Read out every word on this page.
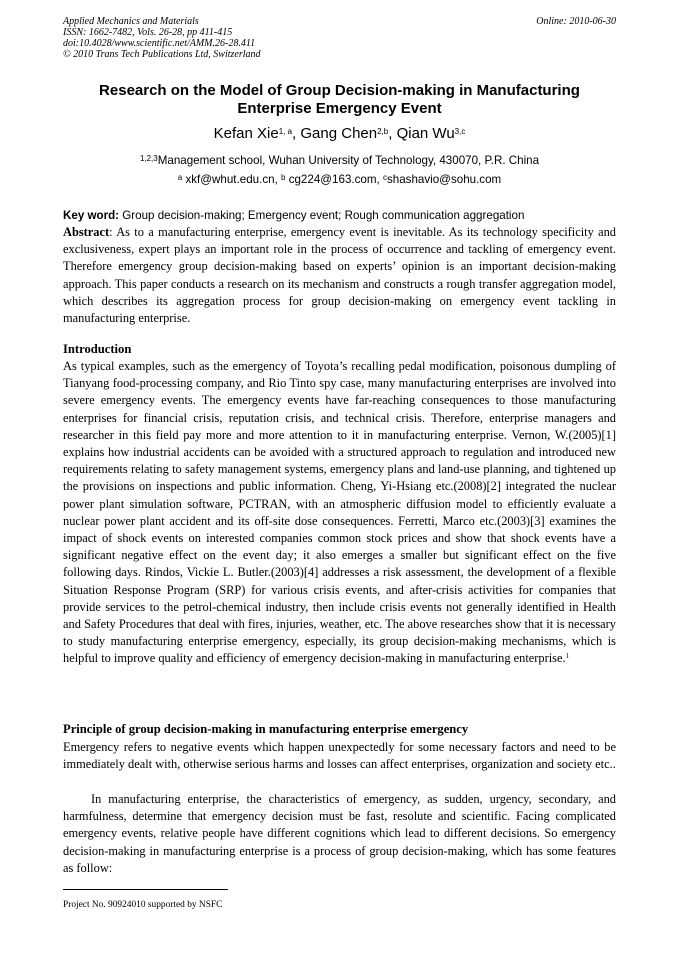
Applied Mechanics and Materials
ISSN: 1662-7482, Vols. 26-28, pp 411-415
doi:10.4028/www.scientific.net/AMM.26-28.411
© 2010 Trans Tech Publications Ltd, Switzerland
Online: 2010-06-30
Research on the Model of Group Decision-making in Manufacturing
Enterprise Emergency Event
Kefan Xie$^{1, a}$, Gang Chen$^{2,b}$, Qian Wu$^{3,c}$
$^{1,2,3}$Management school, Wuhan University of Technology, 430070, P.R. China
$^a$ xkf@whut.edu.cn, $^b$ cg224@163.com, $^c$shashavio@sohu.com
Key word: Group decision-making; Emergency event; Rough communication aggregation
Abstract: As to a manufacturing enterprise, emergency event is inevitable. As its technology specificity and exclusiveness, expert plays an important role in the process of occurrence and tackling of emergency event. Therefore emergency group decision-making based on experts’ opinion is an important decision-making approach. This paper conducts a research on its mechanism and constructs a rough transfer aggregation model, which describes its aggregation process for group decision-making on emergency event tackling in manufacturing enterprise.
Introduction
As typical examples, such as the emergency of Toyota’s recalling pedal modification, poisonous dumpling of Tianyang food-processing company, and Rio Tinto spy case, many manufacturing enterprises are involved into severe emergency events. The emergency events have far-reaching consequences to those manufacturing enterprises for financial crisis, reputation crisis, and technical crisis. Therefore, enterprise managers and researcher in this field pay more and more attention to it in manufacturing enterprise. Vernon, W.(2005)[1] explains how industrial accidents can be avoided with a structured approach to regulation and introduced new requirements relating to safety management systems, emergency plans and land-use planning, and tightened up the provisions on inspections and public information. Cheng, Yi-Hsiang etc.(2008)[2] integrated the nuclear power plant simulation software, PCTRAN, with an atmospheric diffusion model to efficiently evaluate a nuclear power plant accident and its off-site dose consequences. Ferretti, Marco etc.(2003)[3] examines the impact of shock events on interested companies common stock prices and show that shock events have a significant negative effect on the event day; it also emerges a smaller but significant effect on the five following days. Rindos, Vickie L. Butler.(2003)[4] addresses a risk assessment, the development of a flexible Situation Response Program (SRP) for various crisis events, and after-crisis activities for companies that provide services to the petrol-chemical industry, then include crisis events not generally identified in Health and Safety Procedures that deal with fires, injuries, weather, etc. The above researches show that it is necessary to study manufacturing enterprise emergency, especially, its group decision-making mechanisms, which is helpful to improve quality and efficiency of emergency decision-making in manufacturing enterprise.$^1$
Principle of group decision-making in manufacturing enterprise emergency
Emergency refers to negative events which happen unexpectedly for some necessary factors and need to be immediately dealt with, otherwise serious harms and losses can affect enterprises, organization and society etc..
In manufacturing enterprise, the characteristics of emergency, as sudden, urgency, secondary, and harmfulness, determine that emergency decision must be fast, resolute and scientific. Facing complicated emergency events, relative people have different cognitions which lead to different decisions. So emergency decision-making in manufacturing enterprise is a process of group decision-making, which has some features as follow:
Project No. 90924010 supported by NSFC
